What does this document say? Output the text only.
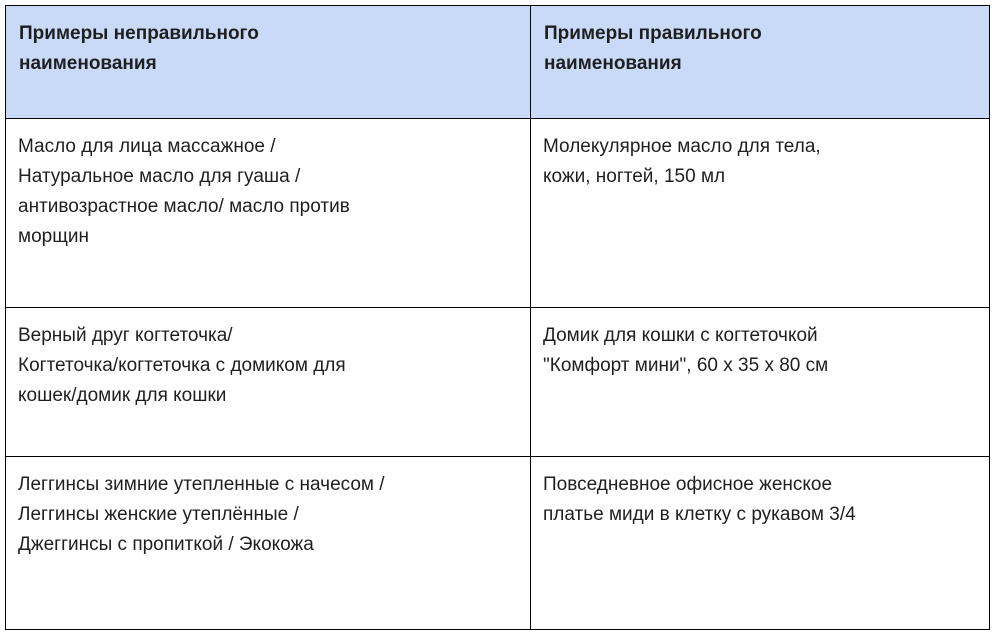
Примеры неправильного
наименования	Примеры правильного
наименования

Масло для лица массажное /
Натуральное масло для гуаша /
антивозрастное масло/ масло против
морщин	Молекулярное масло для тела,
кожи, ногтей, 150 мл

Верный друг когтеточка/
Когтеточка/когтеточка с домиком для
кошек/домик для кошки	Домик для кошки с когтеточкой
"Комфорт мини", 60 х 35 х 80 см

Леггинсы зимние утепленные с начесом /
Леггинсы женские утеплённые /
Джеггинсы с пропиткой / Экокожа	Повседневное офисное женское
платье миди в клетку с рукавом 3/4
